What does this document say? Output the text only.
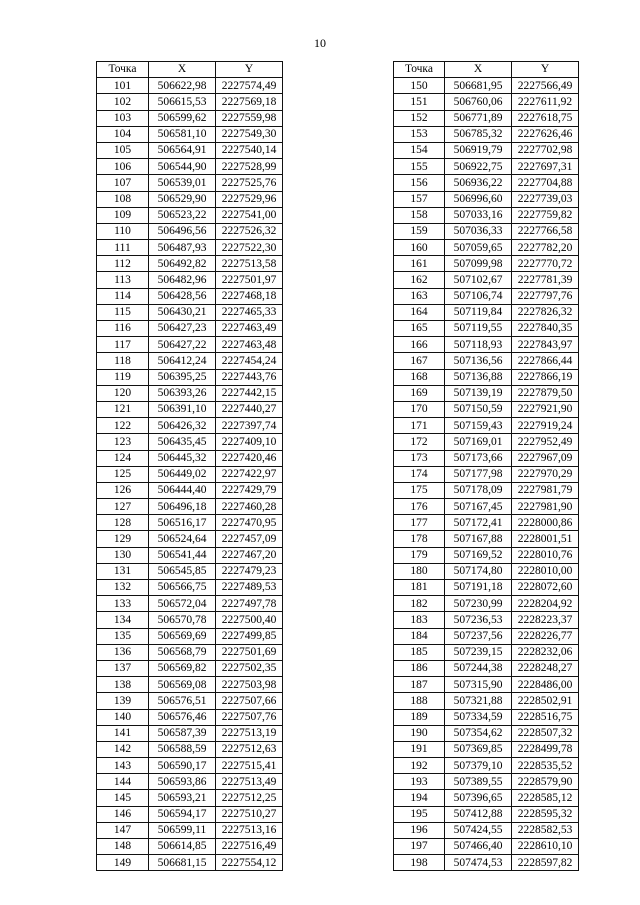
10
Точка	X	Y
101	506622,98	2227574,49
102	506615,53	2227569,18
103	506599,62	2227559,98
104	506581,10	2227549,30
105	506564,91	2227540,14
106	506544,90	2227528,99
107	506539,01	2227525,76
108	506529,90	2227529,96
109	506523,22	2227541,00
110	506496,56	2227526,32
111	506487,93	2227522,30
112	506492,82	2227513,58
113	506482,96	2227501,97
114	506428,56	2227468,18
115	506430,21	2227465,33
116	506427,23	2227463,49
117	506427,22	2227463,48
118	506412,24	2227454,24
119	506395,25	2227443,76
120	506393,26	2227442,15
121	506391,10	2227440,27
122	506426,32	2227397,74
123	506435,45	2227409,10
124	506445,32	2227420,46
125	506449,02	2227422,97
126	506444,40	2227429,79
127	506496,18	2227460,28
128	506516,17	2227470,95
129	506524,64	2227457,09
130	506541,44	2227467,20
131	506545,85	2227479,23
132	506566,75	2227489,53
133	506572,04	2227497,78
134	506570,78	2227500,40
135	506569,69	2227499,85
136	506568,79	2227501,69
137	506569,82	2227502,35
138	506569,08	2227503,98
139	506576,51	2227507,66
140	506576,46	2227507,76
141	506587,39	2227513,19
142	506588,59	2227512,63
143	506590,17	2227515,41
144	506593,86	2227513,49
145	506593,21	2227512,25
146	506594,17	2227510,27
147	506599,11	2227513,16
148	506614,85	2227516,49
149	506681,15	2227554,12
Точка	X	Y
150	506681,95	2227566,49
151	506760,06	2227611,92
152	506771,89	2227618,75
153	506785,32	2227626,46
154	506919,79	2227702,98
155	506922,75	2227697,31
156	506936,22	2227704,88
157	506996,60	2227739,03
158	507033,16	2227759,82
159	507036,33	2227766,58
160	507059,65	2227782,20
161	507099,98	2227770,72
162	507102,67	2227781,39
163	507106,74	2227797,76
164	507119,84	2227826,32
165	507119,55	2227840,35
166	507118,93	2227843,97
167	507136,56	2227866,44
168	507136,88	2227866,19
169	507139,19	2227879,50
170	507150,59	2227921,90
171	507159,43	2227919,24
172	507169,01	2227952,49
173	507173,66	2227967,09
174	507177,98	2227970,29
175	507178,09	2227981,79
176	507167,45	2227981,90
177	507172,41	2228000,86
178	507167,88	2228001,51
179	507169,52	2228010,76
180	507174,80	2228010,00
181	507191,18	2228072,60
182	507230,99	2228204,92
183	507236,53	2228223,37
184	507237,56	2228226,77
185	507239,15	2228232,06
186	507244,38	2228248,27
187	507315,90	2228486,00
188	507321,88	2228502,91
189	507334,59	2228516,75
190	507354,62	2228507,32
191	507369,85	2228499,78
192	507379,10	2228535,52
193	507389,55	2228579,90
194	507396,65	2228585,12
195	507412,88	2228595,32
196	507424,55	2228582,53
197	507466,40	2228610,10
198	507474,53	2228597,82
